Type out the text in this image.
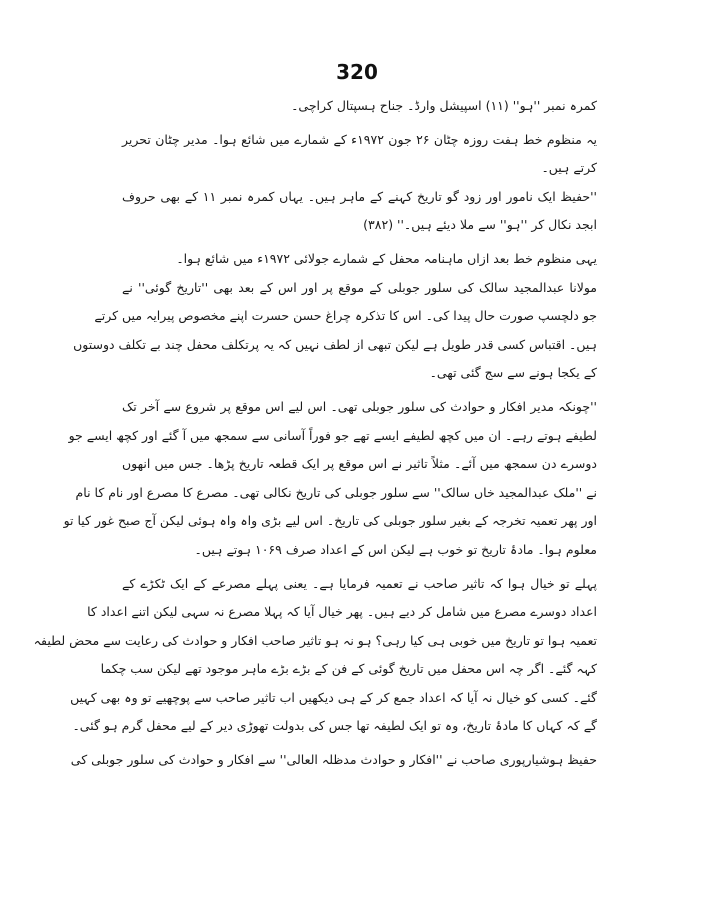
320
کمرہ نمبر ''ہو'' (۱۱) اسپیشل وارڈ۔ جناح ہسپتال کراچی۔
یہ منظوم خط ہفت روزہ چٹان ۲۶ جون ۱۹۷۲ء کے شمارے میں شائع ہوا۔ مدیر چٹان تحریر
کرتے ہیں۔
''حفیظ ایک نامور اور زود گو تاریخ کہنے کے ماہر ہیں۔ یہاں کمرہ نمبر ۱۱ کے بھی حروف
ابجد نکال کر ''ہو'' سے ملا دیئے ہیں۔'' (۳۸۲)
یہی منظوم خط بعد ازاں ماہنامہ محفل کے شمارے جولائی ۱۹۷۲ء میں شائع ہوا۔
مولانا عبدالمجید سالک کی سلور جوبلی کے موقع پر اور اس کے بعد بھی ''تاریخ گوئی'' نے
جو دلچسپ صورت حال پیدا کی۔ اس کا تذکرہ چراغ حسن حسرت اپنے مخصوص پیرایہ میں کرتے
ہیں۔ اقتباس کسی قدر طویل ہے لیکن تبھی از لطف نہیں کہ یہ پرتکلف محفل چند بے تکلف دوستوں
کے یکجا ہونے سے سج گئی تھی۔
''چونکہ مدیر افکار و حوادث کی سلور جوبلی تھی۔ اس لیے اس موقع پر شروع سے آخر تک
لطیفے ہوتے رہے۔ ان میں کچھ لطیفے ایسے تھے جو فوراً آسانی سے سمجھ میں آ گئے اور کچھ ایسے جو
دوسرے دن سمجھ میں آئے۔ مثلاً تاثیر نے اس موقع پر ایک قطعہ تاریخ پڑھا۔ جس میں انھوں
نے ''ملک عبدالمجید خاں سالک'' سے سلور جوبلی کی تاریخ نکالی تھی۔ مصرع کا مصرع اور نام کا نام
اور پھر تعمیہ تخرجہ کے بغیر سلور جوبلی کی تاریخ۔ اس لیے بڑی واہ واہ ہوئی لیکن آج صبح غور کیا تو
معلوم ہوا۔ مادۂ تاریخ تو خوب ہے لیکن اس کے اعداد صرف ۱۰۶۹ ہوتے ہیں۔
پہلے تو خیال ہوا کہ تاثیر صاحب نے تعمیہ فرمایا ہے۔ یعنی پہلے مصرعے کے ایک ٹکڑے کے
اعداد دوسرے مصرع میں شامل کر دیے ہیں۔ پھر خیال آیا کہ پہلا مصرع نہ سہی لیکن اتنے اعداد کا
تعمیہ ہوا تو تاریخ میں خوبی ہی کیا رہی؟ ہو نہ ہو تاثیر صاحب افکار و حوادث کی رعایت سے محض لطیفہ
کہہ گئے۔ اگر چہ اس محفل میں تاریخ گوئی کے فن کے بڑے بڑے ماہر موجود تھے لیکن سب چکما
گئے۔ کسی کو خیال نہ آیا کہ اعداد جمع کر کے ہی دیکھیں اب تاثیر صاحب سے پوچھیے تو وہ بھی کہیں
گے کہ کہاں کا مادۂ تاریخ، وہ تو ایک لطیفہ تھا جس کی بدولت تھوڑی دیر کے لیے محفل گرم ہو گئی۔
حفیظ ہوشیارپوری صاحب نے ''افکار و حوادث مدظلہ العالی'' سے افکار و حوادث کی سلور جوبلی کی
